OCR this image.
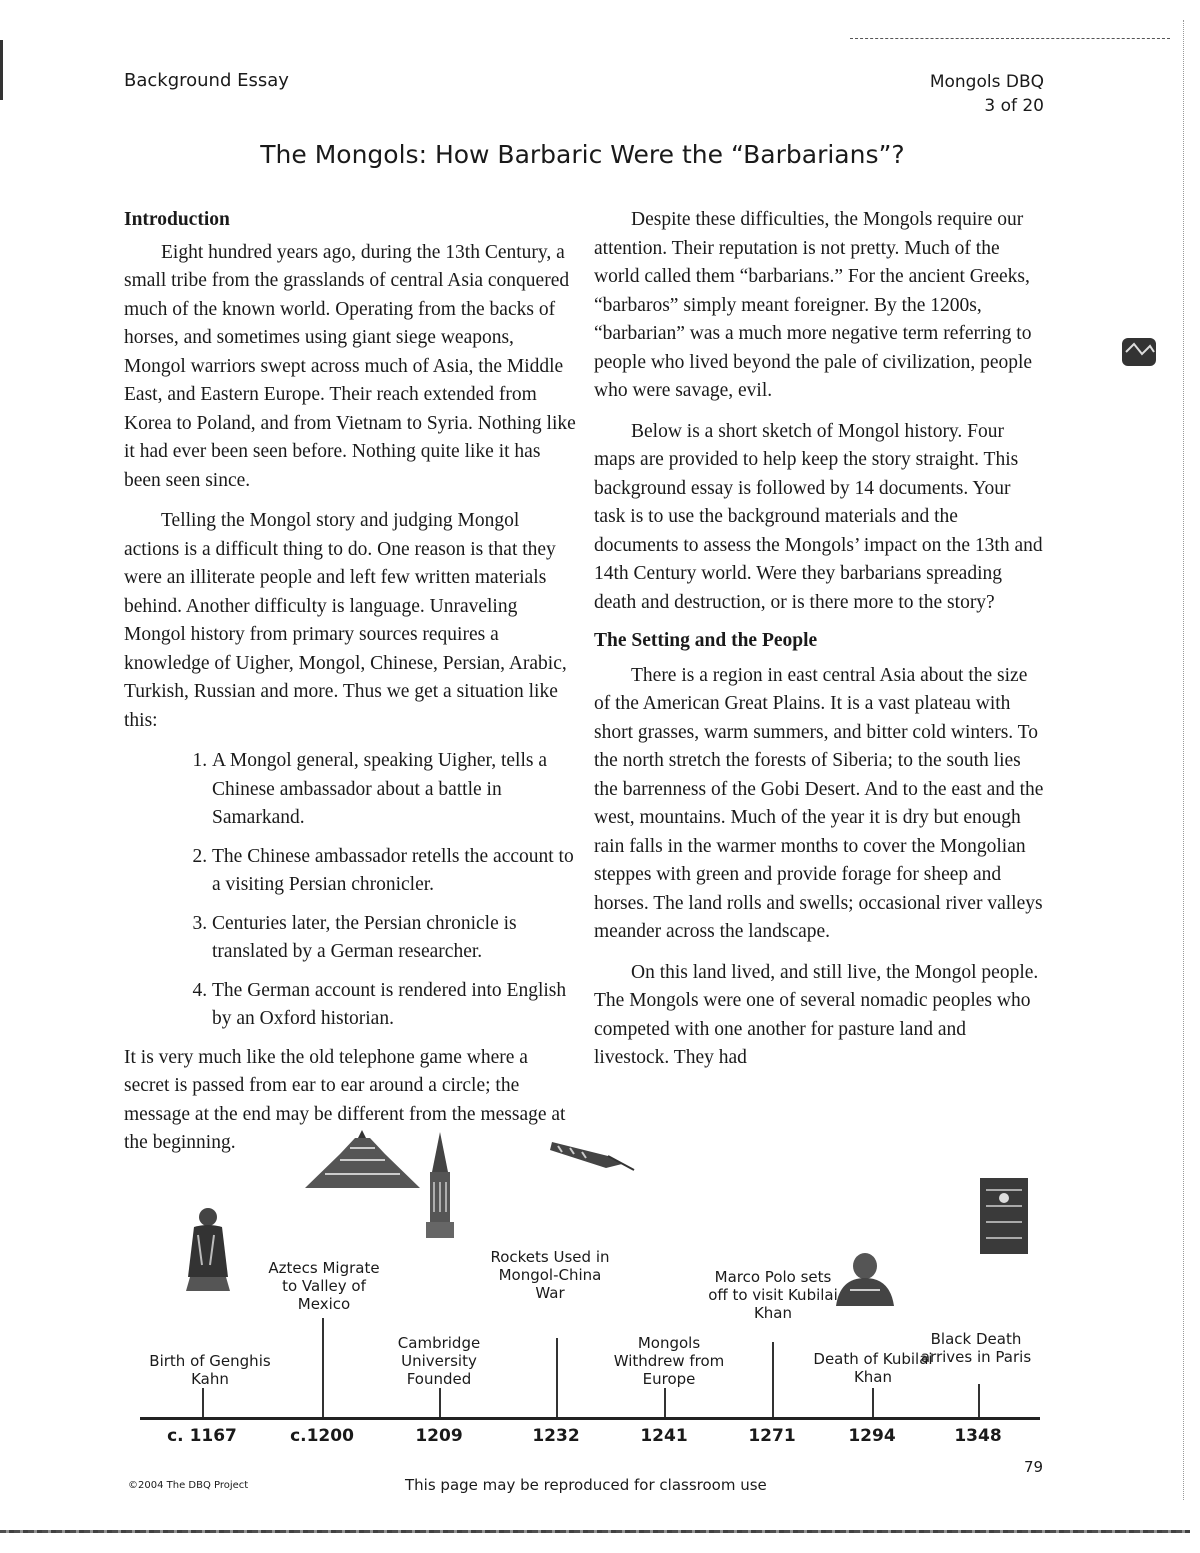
Background Essay	Mongols DBQ
3 of 20
The Mongols: How Barbaric Were the “Barbarians”?
Introduction

Eight hundred years ago, during the 13th Century, a small tribe from the grasslands of central Asia conquered much of the known world. Operating from the backs of horses, and sometimes using giant siege weapons, Mongol warriors swept across much of Asia, the Middle East, and Eastern Europe. Their reach extended from Korea to Poland, and from Vietnam to Syria. Nothing like it had ever been seen before. Nothing quite like it has been seen since.

Telling the Mongol story and judging Mongol actions is a difficult thing to do. One reason is that they were an illiterate people and left few written materials behind. Another difficulty is language. Unraveling Mongol history from primary sources requires a knowledge of Uigher, Mongol, Chinese, Persian, Arabic, Turkish, Russian and more. Thus we get a situation like this:

1. A Mongol general, speaking Uigher, tells a Chinese ambassador about a battle in Samarkand.
2. The Chinese ambassador retells the account to a visiting Persian chronicler.
3. Centuries later, the Persian chronicle is translated by a German researcher.
4. The German account is rendered into English by an Oxford historian.

It is very much like the old telephone game where a secret is passed from ear to ear around a circle; the message at the end may be different from the message at the beginning.

Despite these difficulties, the Mongols require our attention. Their reputation is not pretty. Much of the world called them “barbarians.” For the ancient Greeks, “barbaros” simply meant foreigner. By the 1200s, “barbarian” was a much more negative term referring to people who lived beyond the pale of civilization, people who were savage, evil.

Below is a short sketch of Mongol history. Four maps are provided to help keep the story straight. This background essay is followed by 14 documents. Your task is to use the background materials and the documents to assess the Mongols’ impact on the 13th and 14th Century world. Were they barbarians spreading death and destruction, or is there more to the story?

The Setting and the People

There is a region in east central Asia about the size of the American Great Plains. It is a vast plateau with short grasses, warm summers, and bitter cold winters. To the north stretch the forests of Siberia; to the south lies the barrenness of the Gobi Desert. And to the east and the west, mountains. Much of the year it is dry but enough rain falls in the warmer months to cover the Mongolian steppes with green and provide forage for sheep and horses. The land rolls and swells; occasional river valleys meander across the landscape.

On this land lived, and still live, the Mongol people. The Mongols were one of several nomadic peoples who competed with one another for pasture land and livestock. They had

Birth of Genghis Kahn
Aztecs Migrate to Valley of Mexico
Cambridge University Founded
Rockets Used in Mongol-China War
Mongols Withdrew from Europe
Marco Polo sets off to visit Kubilai Khan
Death of Kubilai Khan
Black Death arrives in Paris
c. 1167	c.1200	1209	1232	1241	1271	1294	1348
79
©2004 The DBQ Project	This page may be reproduced for classroom use
